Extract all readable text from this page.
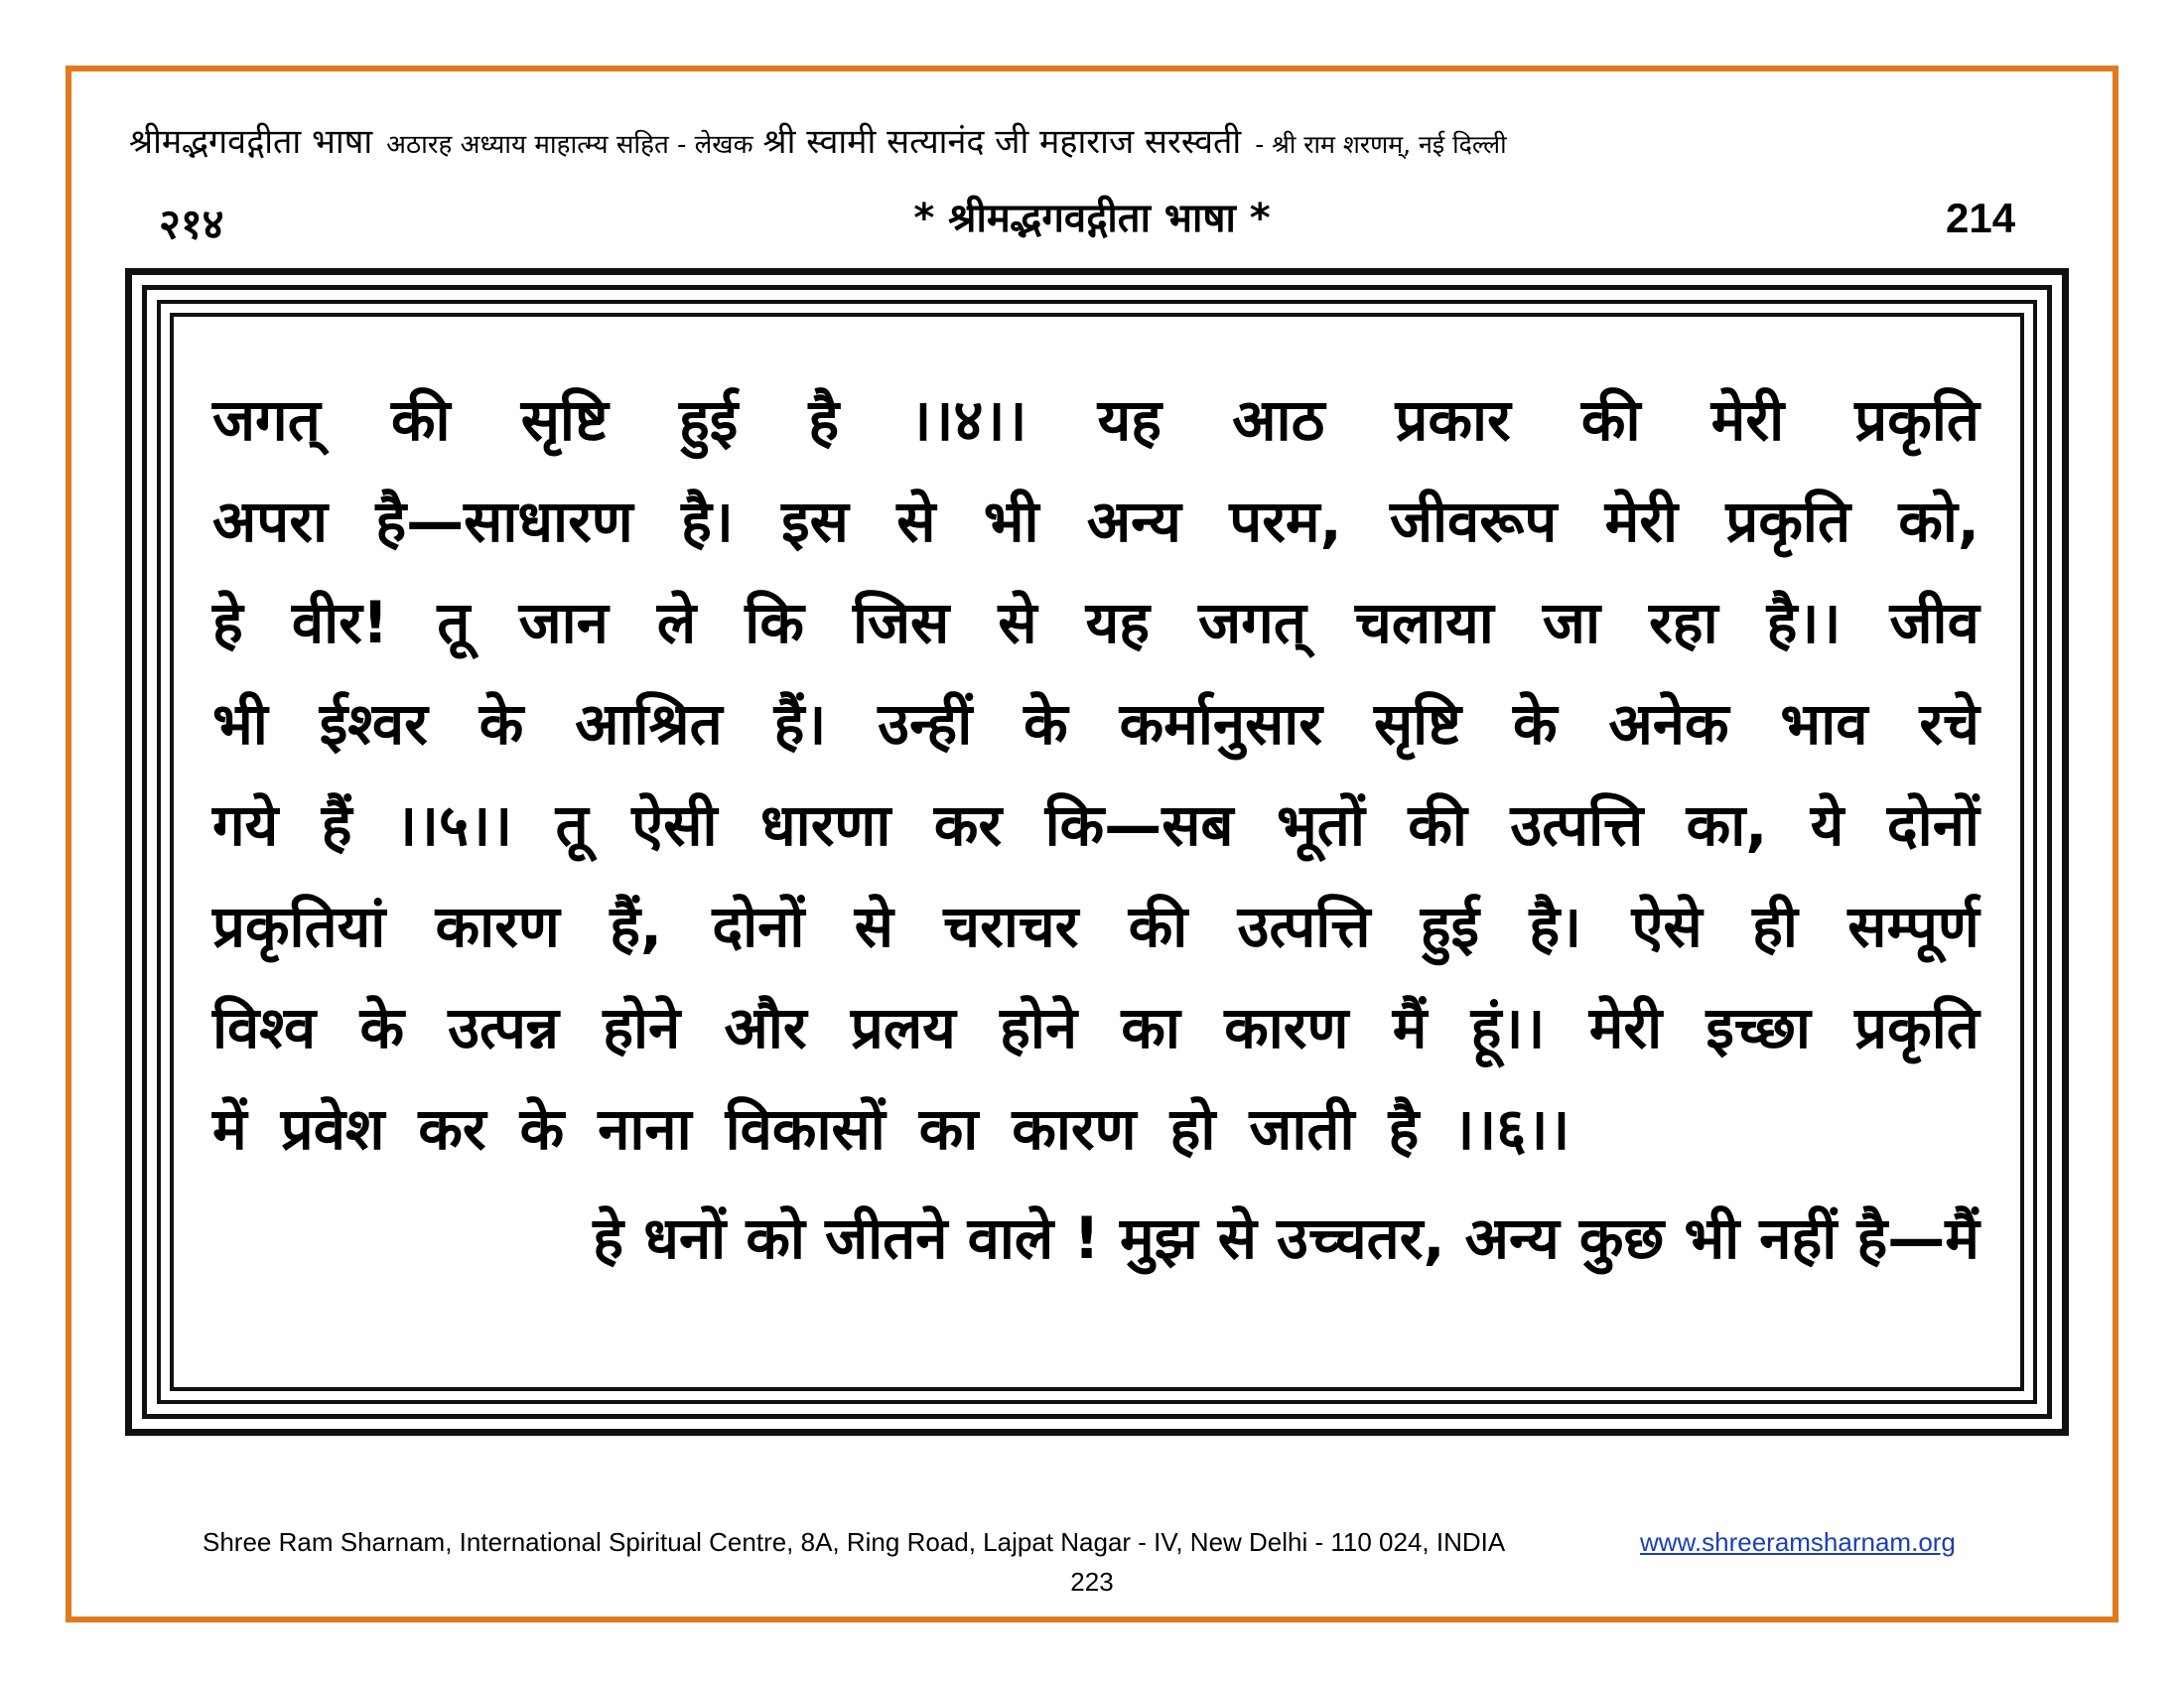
श्रीमद्भगवद्गीता भाषा अठारह अध्याय माहात्म्य सहित - लेखक श्री स्वामी सत्यानंद जी महाराज सरस्वती - श्री राम शरणम्, नई दिल्ली
२१४	* श्रीमद्भगवद्गीता भाषा *	214
जगत् की सृष्टि हुई है ।।४।। यह आठ प्रकार की मेरी प्रकृति
अपरा है—साधारण है। इस से भी अन्य परम, जीवरूप मेरी प्रकृति को,
हे वीर! तू जान ले कि जिस से यह जगत् चलाया जा रहा है।। जीव
भी ईश्वर के आश्रित हैं। उन्हीं के कर्मानुसार सृष्टि के अनेक भाव रचे
गये हैं ।।५।। तू ऐसी धारणा कर कि—सब भूतों की उत्पत्ति का, ये दोनों
प्रकृतियां कारण हैं, दोनों से चराचर की उत्पत्ति हुई है। ऐसे ही सम्पूर्ण
विश्व के उत्पन्न होने और प्रलय होने का कारण मैं हूं।। मेरी इच्छा प्रकृति
में प्रवेश कर के नाना विकासों का कारण हो जाती है ।।६।।
हे धनों को जीतने वाले ! मुझ से उच्चतर, अन्य कुछ भी नहीं है—मैं
Shree Ram Sharnam, International Spiritual Centre, 8A, Ring Road, Lajpat Nagar - IV, New Delhi - 110 024, INDIA	www.shreeramsharnam.org
223
